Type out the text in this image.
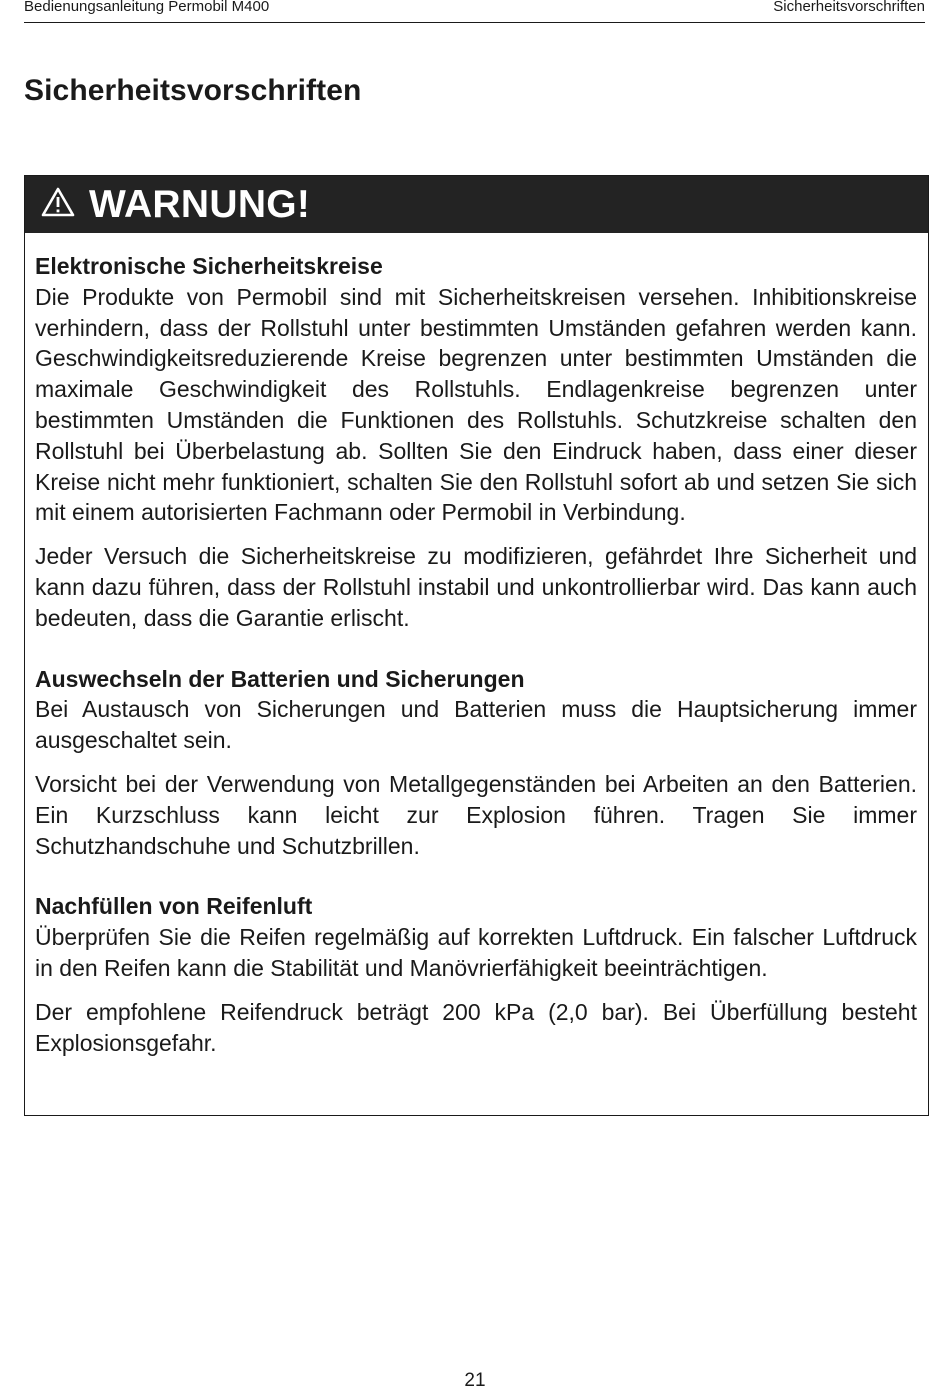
Bedienungsanleitung Permobil M400	Sicherheitsvorschriften
Sicherheitsvorschriften
WARNUNG!
Elektronische Sicherheitskreise

Die Produkte von Permobil sind mit Sicherheitskreisen versehen. Inhibitionskreise verhindern, dass der Rollstuhl unter bestimmten Umständen gefahren werden kann. Geschwindigkeitsreduzierende Kreise begrenzen unter bestimmten Umständen die maximale Geschwindigkeit des Rollstuhls. Endlagenkreise begrenzen unter bestimmten Umständen die Funktionen des Rollstuhls. Schutzkreise schalten den Rollstuhl bei Überbelastung ab. Sollten Sie den Eindruck haben, dass einer dieser Kreise nicht mehr funktioniert, schalten Sie den Rollstuhl sofort ab und setzen Sie sich mit einem autorisierten Fachmann oder Permobil in Verbindung.

Jeder Versuch die Sicherheitskreise zu modifizieren, gefährdet Ihre Sicherheit und kann dazu führen, dass der Rollstuhl instabil und unkontrollierbar wird. Das kann auch bedeuten, dass die Garantie erlischt.

Auswechseln der Batterien und Sicherungen

Bei Austausch von Sicherungen und Batterien muss die Hauptsicherung immer ausgeschaltet sein.

Vorsicht bei der Verwendung von Metallgegenständen bei Arbeiten an den Batterien. Ein Kurzschluss kann leicht zur Explosion führen. Tragen Sie immer Schutzhandschuhe und Schutzbrillen.

Nachfüllen von Reifenluft

Überprüfen Sie die Reifen regelmäßig auf korrekten Luftdruck. Ein falscher Luftdruck in den Reifen kann die Stabilität und Manövrierfähigkeit beeinträchtigen.

Der empfohlene Reifendruck beträgt 200 kPa (2,0 bar). Bei Überfüllung besteht Explosionsgefahr.

21
